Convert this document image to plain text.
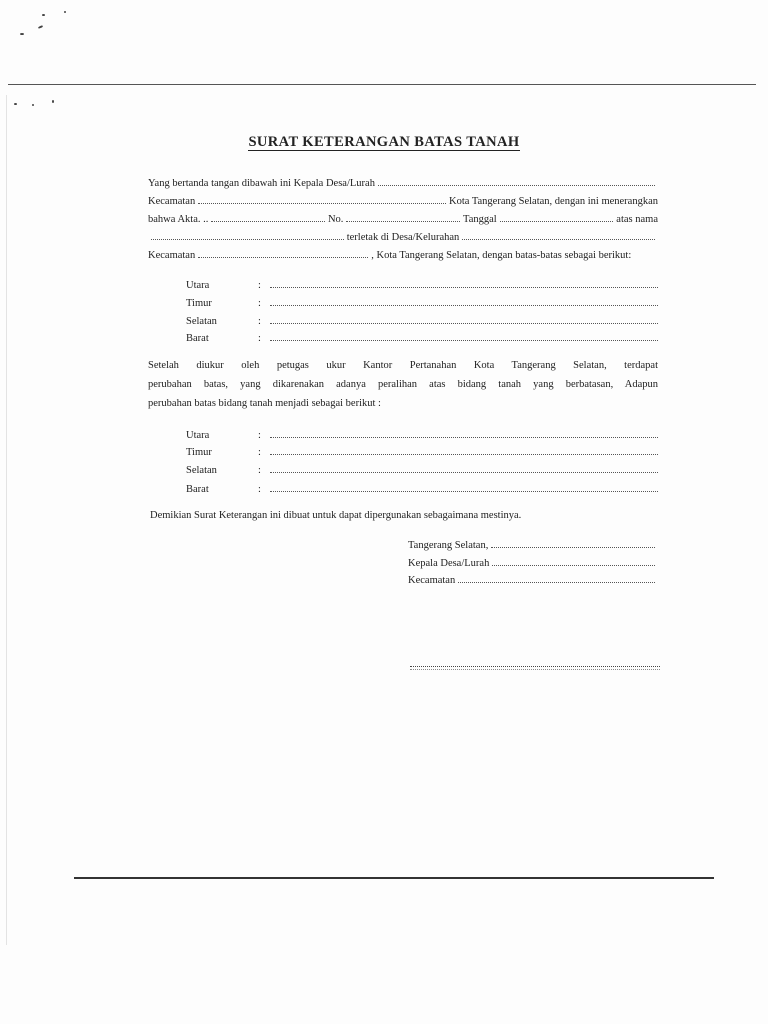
SURAT KETERANGAN BATAS TANAH
Yang bertanda tangan dibawah ini Kepala Desa/Lurah
Kecamatan	Kota Tangerang Selatan, dengan ini menerangkan
bahwa Akta. ..	No.	Tanggal	atas nama
terletak di Desa/Kelurahan
Kecamatan	, Kota Tangerang Selatan, dengan batas-batas sebagai berikut:
Utara	:
Timur	:
Selatan	:
Barat	:
Setelah diukur oleh petugas ukur Kantor Pertanahan Kota Tangerang Selatan, terdapat
perubahan batas, yang dikarenakan adanya peralihan atas bidang tanah yang berbatasan, Adapun
perubahan batas bidang tanah menjadi sebagai berikut :
Utara	:
Timur	:
Selatan	:
Barat	:
Demikian Surat Keterangan ini dibuat untuk dapat dipergunakan sebagaimana mestinya.
Tangerang Selatan,
Kepala Desa/Lurah
Kecamatan
